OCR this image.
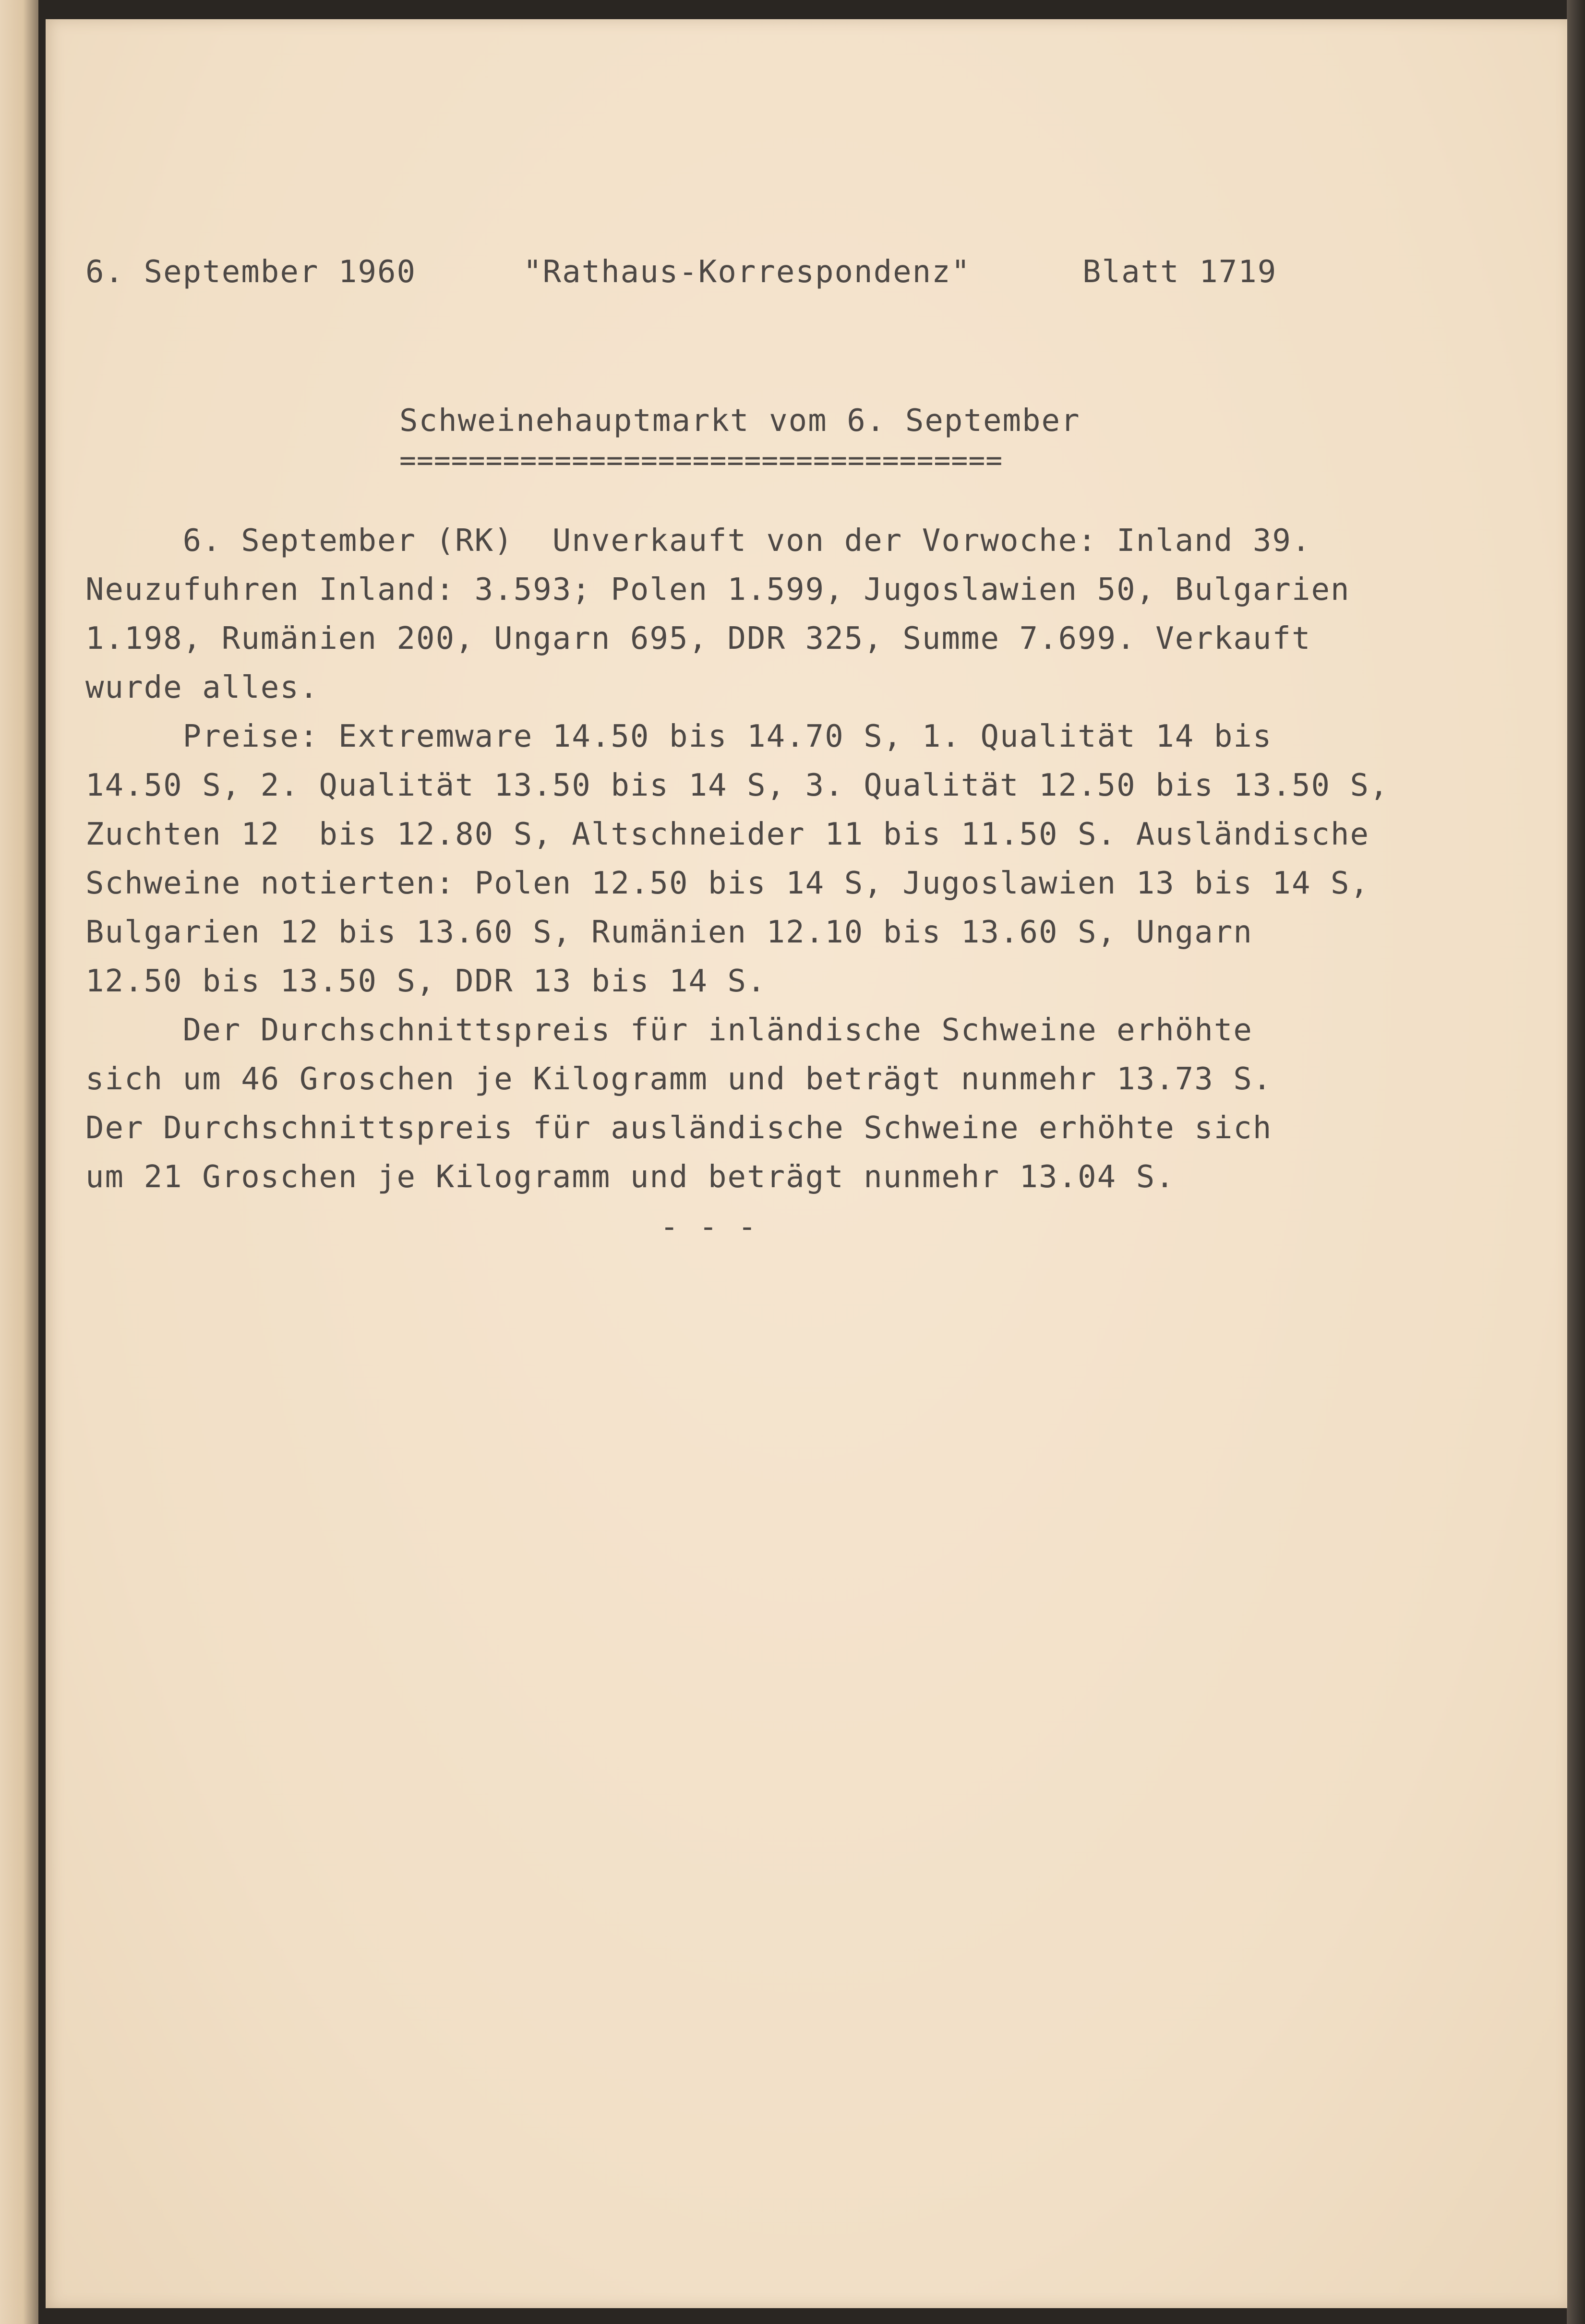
6. September 1960	"Rathaus-Korrespondenz"	Blatt 1719
Schweinehauptmarkt vom 6. September
===================================
6. September (RK)  Unverkauft von der Vorwoche: Inland 39.
Neuzufuhren Inland: 3.593; Polen 1.599, Jugoslawien 50, Bulgarien
1.198, Rumänien 200, Ungarn 695, DDR 325, Summe 7.699. Verkauft
wurde alles.
Preise: Extremware 14.50 bis 14.70 S, 1. Qualität 14 bis
14.50 S, 2. Qualität 13.50 bis 14 S, 3. Qualität 12.50 bis 13.50 S,
Zuchten 12  bis 12.80 S, Altschneider 11 bis 11.50 S. Ausländische
Schweine notierten: Polen 12.50 bis 14 S, Jugoslawien 13 bis 14 S,
Bulgarien 12 bis 13.60 S, Rumänien 12.10 bis 13.60 S, Ungarn
12.50 bis 13.50 S, DDR 13 bis 14 S.
Der Durchschnittspreis für inländische Schweine erhöhte
sich um 46 Groschen je Kilogramm und beträgt nunmehr 13.73 S.
Der Durchschnittspreis für ausländische Schweine erhöhte sich
um 21 Groschen je Kilogramm und beträgt nunmehr 13.04 S.
- - -
